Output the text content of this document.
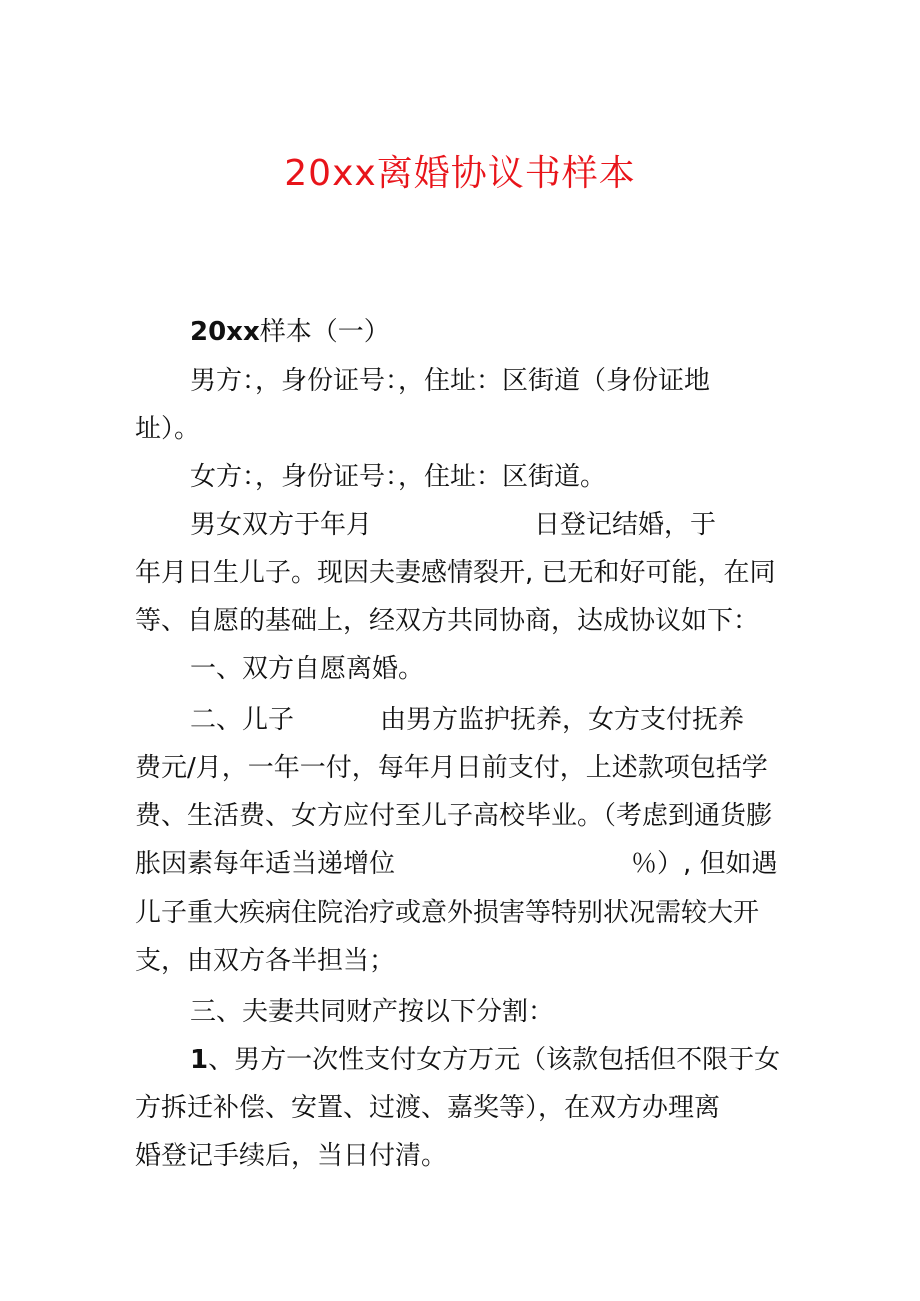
20xx离婚协议书样本
20xx样本（一）
男方：，身份证号：，住址：区街道（身份证地
址）。
女方：，身份证号：，住址：区街道。
男女双方于年月	日登记结婚，于
年月日生儿子。现因夫妻感情裂开, 已无和好可能，在同
等、自愿的基础上，经双方共同协商，达成协议如下：
一、双方自愿离婚。
二、儿子	由男方监护抚养，女方支付抚养
费元/月，一年一付，每年月日前支付，上述款项包括学
费、生活费、女方应付至儿子高校毕业。（考虑到通货膨
胀因素每年适当递增位	％）, 但如遇
儿子重大疾病住院治疗或意外损害等特别状况需较大开
支，由双方各半担当；
三、夫妻共同财产按以下分割：
1、男方一次性支付女方万元（该款包括但不限于女
方拆迁补偿、安置、过渡、嘉奖等），在双方办理离
婚登记手续后，当日付清。
